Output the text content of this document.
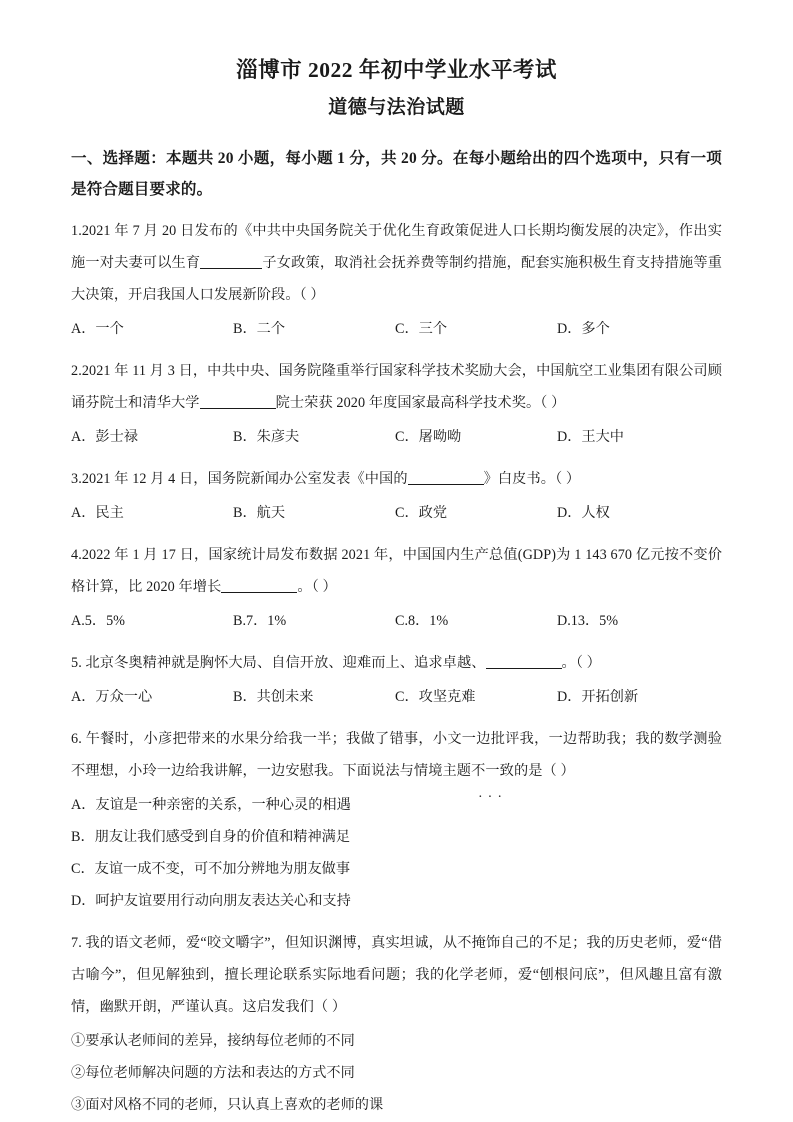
淄博市 2022 年初中学业水平考试
道德与法治试题
一、选择题：本题共 20 小题，每小题 1 分，共 20 分。在每小题给出的四个选项中，只有一项是符合题目要求的。
1.2021 年 7 月 20 日发布的《中共中央国务院关于优化生育政策促进人口长期均衡发展的决定》，作出实施一对夫妻可以生育	子女政策，取消社会抚养费等制约措施，配套实施积极生育支持措施等重大决策，开启我国人口发展新阶段。（ ）
A．一个	B．二个	C．三个	D．多个
2.2021 年 11 月 3 日，中共中央、国务院隆重举行国家科学技术奖励大会，中国航空工业集团有限公司顾诵芬院士和清华大学	院士荣获 2020 年度国家最高科学技术奖。（ ）
A．彭士禄	B．朱彦夫	C．屠呦呦	D．王大中
3.2021 年 12 月 4 日，国务院新闻办公室发表《中国的	》白皮书。（ ）
A．民主	B．航天	C．政党	D．人权
4.2022 年 1 月 17 日，国家统计局发布数据 2021 年，中国国内生产总值(GDP)为 1 143 670 亿元按不变价格计算，比 2020 年增长	。（ ）
A.5．5%	B.7．1%	C.8．1%	D.13．5%
5. 北京冬奥精神就是胸怀大局、自信开放、迎难而上、追求卓越、	。（ ）
A．万众一心	B．共创未来	C．攻坚克难	D．开拓创新
6. 午餐时，小彦把带来的水果分给我一半；我做了错事，小文一边批评我，一边帮助我；我的数学测验不理想，小玲一边给我讲解，一边安慰我。下面说法与情境主题不一致 ···的是（ ）
A．友谊是一种亲密的关系，一种心灵的相遇
B．朋友让我们感受到自身的价值和精神满足
C．友谊一成不变，可不加分辨地为朋友做事
D．呵护友谊要用行动向朋友表达关心和支持
7. 我的语文老师，爱“咬文嚼字”，但知识渊博，真实坦诚，从不掩饰自己的不足；我的历史老师，爱“借古喻今”，但见解独到，擅长理论联系实际地看问题；我的化学老师，爱“刨根问底”，但风趣且富有激情，幽默开朗，严谨认真。这启发我们（ ）
①要承认老师间的差异，接纳每位老师的不同
②每位老师解决问题的方法和表达的方式不同
③面对风格不同的老师，只认真上喜欢的老师的课
